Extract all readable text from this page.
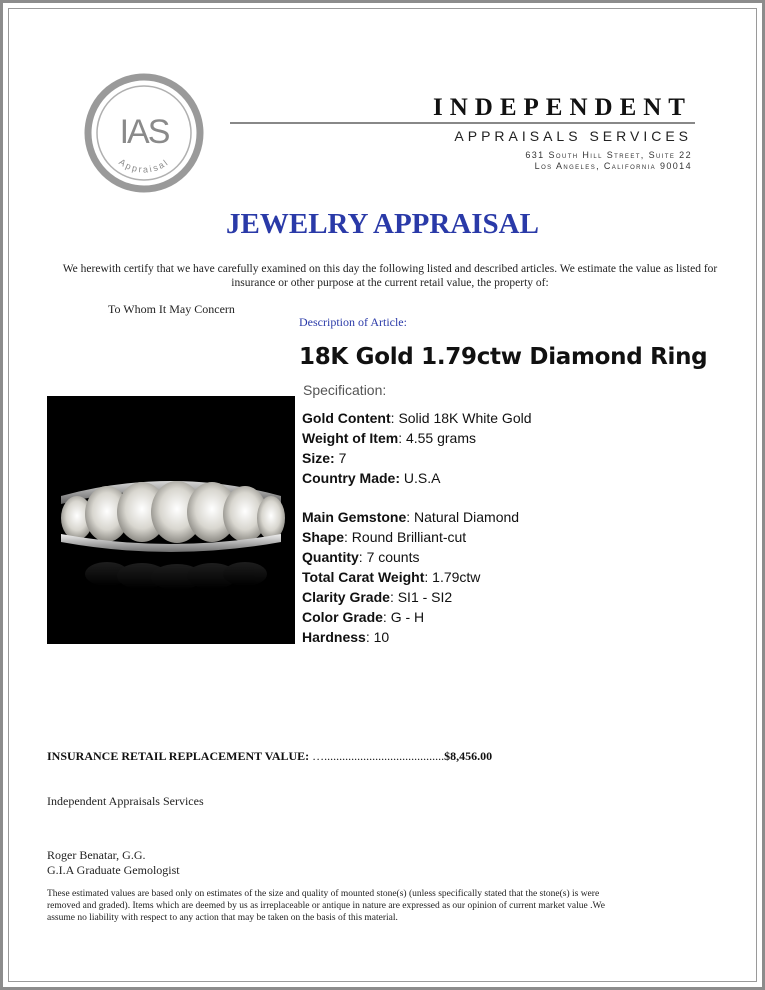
IAS
Appraisal
INDEPENDENT
APPRAISALS SERVICES
631 South Hill Street, Suite 22
Los Angeles, California 90014
JEWELRY APPRAISAL
We herewith certify that we have carefully examined on this day the following listed and described articles. We estimate the value as listed for insurance or other purpose at the current retail value, the property of:
To Whom It May Concern
Description of Article:
18K Gold 1.79ctw Diamond Ring
Specification:
Gold Content: Solid 18K White Gold
Weight of Item: 4.55 grams
Size: 7
Country Made: U.S.A
Main Gemstone: Natural Diamond
Shape: Round Brilliant-cut
Quantity: 7 counts
Total Carat Weight: 1.79ctw
Clarity Grade: SI1 - SI2
Color Grade: G - H
Hardness: 10
INSURANCE RETAIL REPLACEMENT VALUE: …........................................$8,456.00
Independent Appraisals Services
Roger Benatar, G.G.
G.I.A Graduate Gemologist
These estimated values are based only on estimates of the size and quality of mounted stone(s) (unless specifically stated that the stone(s) is were removed and graded). Items which are deemed by us as irreplaceable or antique in nature are expressed as our opinion of current market value .We assume no liability with respect to any action that may be taken on the basis of this material.
